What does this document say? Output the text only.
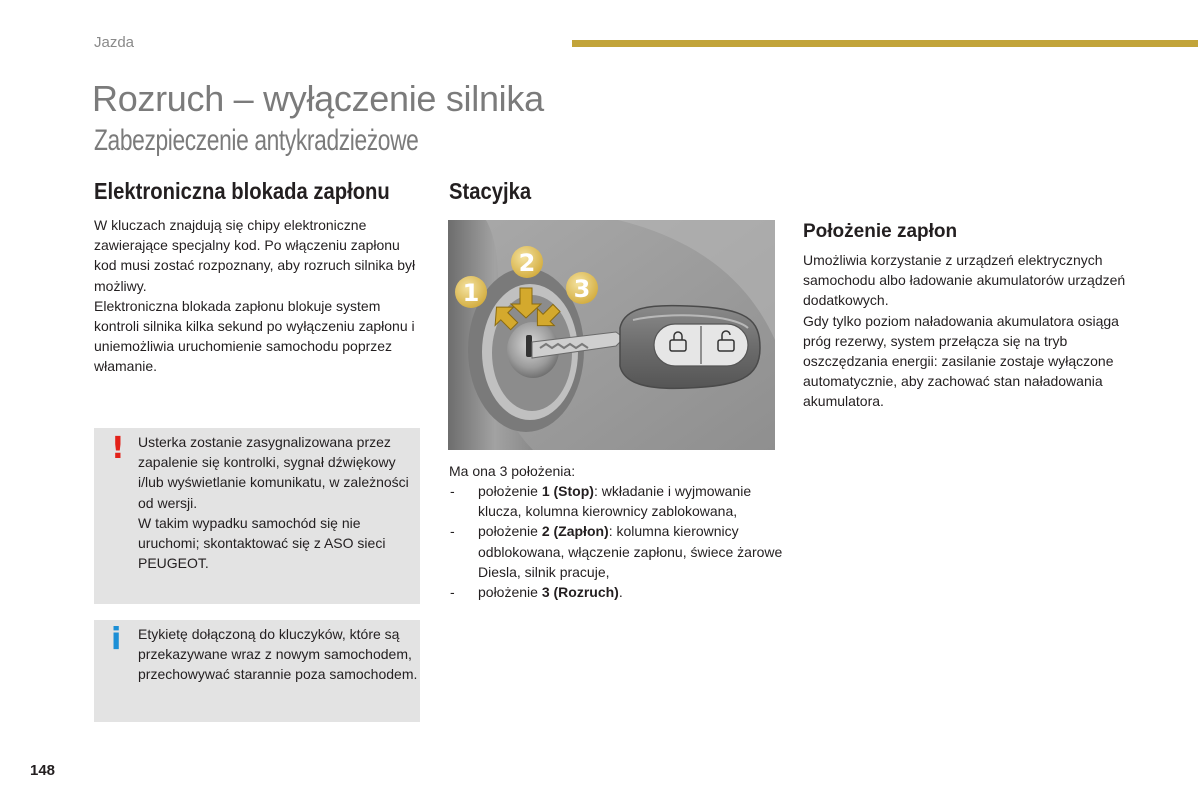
Jazda
Rozruch – wyłączenie silnika
Zabezpieczenie antykradzieżowe
Elektroniczna blokada zapłonu

W kluczach znajdują się chipy elektroniczne zawierające specjalny kod. Po włączeniu zapłonu kod musi zostać rozpoznany, aby rozruch silnika był możliwy.

Elektroniczna blokada zapłonu blokuje system kontroli silnika kilka sekund po wyłączeniu zapłonu i uniemożliwia uruchomienie samochodu poprzez włamanie.

! Usterka zostanie zasygnalizowana przez zapalenie się kontrolki, sygnał dźwiękowy i/lub wyświetlanie komunikatu, w zależności od wersji.

W takim wypadku samochód się nie uruchomi; skontaktować się z ASO sieci PEUGEOT.

i Etykietę dołączoną do kluczyków, które są przekazywane wraz z nowym samochodem, przechowywać starannie poza samochodem.

Stacyjka
1
2
3

Ma ona 3 położenia:

- położenie 1 (Stop): wkładanie i wyjmowanie klucza, kolumna kierownicy zablokowana,
- położenie 2 (Zapłon): kolumna kierownicy odblokowana, włączenie zapłonu, świece żarowe Diesla, silnik pracuje,
- położenie 3 (Rozruch).
Położenie zapłon

Umożliwia korzystanie z urządzeń elektrycznych samochodu albo ładowanie akumulatorów urządzeń dodatkowych.

Gdy tylko poziom naładowania akumulatora osiąga próg rezerwy, system przełącza się na tryb oszczędzania energii: zasilanie zostaje wyłączone automatycznie, aby zachować stan naładowania akumulatora.

148
